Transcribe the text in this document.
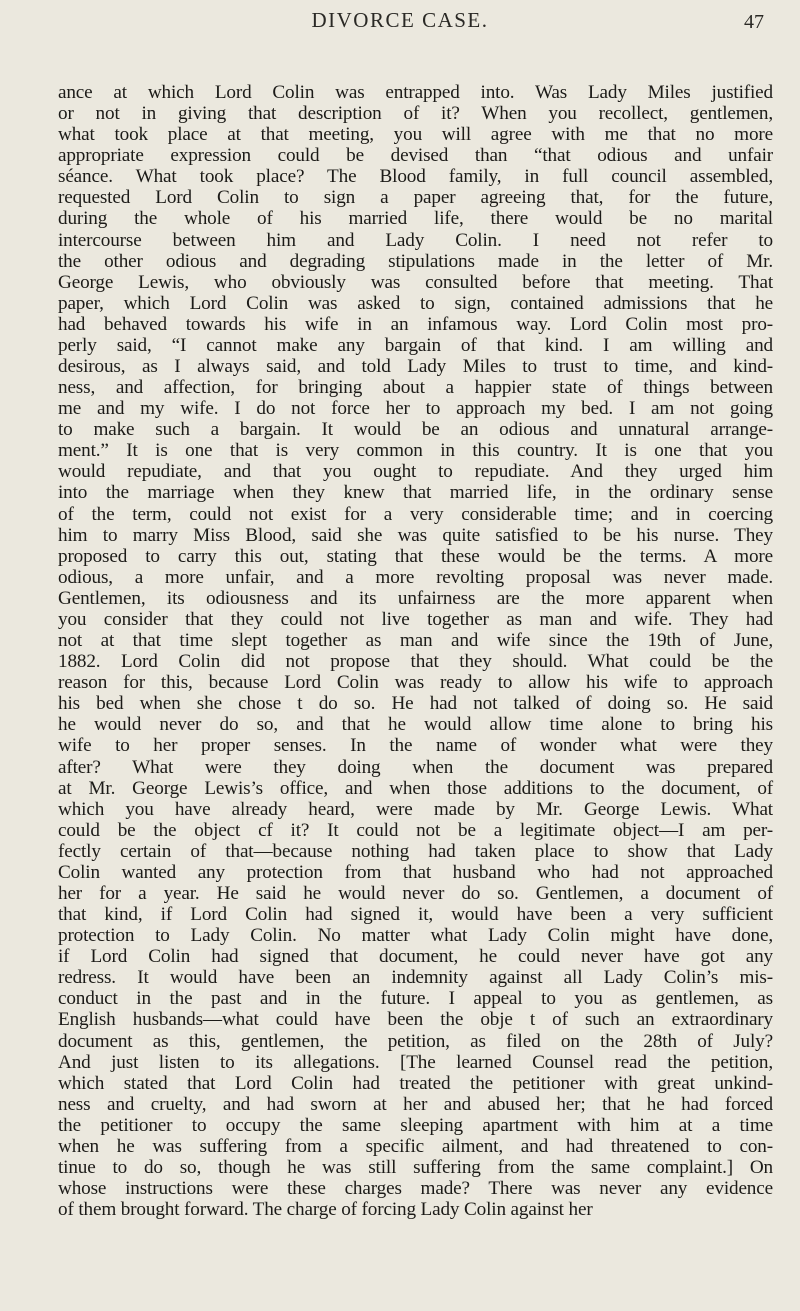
DIVORCE CASE.	47
ance at which Lord Colin was entrapped into. Was Lady Miles justified
or not in giving that description of it? When you recollect, gentlemen,
what took place at that meeting, you will agree with me that no more
appropriate expression could be devised than “that odious and unfair
séance. What took place? The Blood family, in full council assembled,
requested Lord Colin to sign a paper agreeing that, for the future,
during the whole of his married life, there would be no marital
intercourse between him and Lady Colin. I need not refer to
the other odious and degrading stipulations made in the letter of Mr.
George Lewis, who obviously was consulted before that meeting. That
paper, which Lord Colin was asked to sign, contained admissions that he
had behaved towards his wife in an infamous way. Lord Colin most pro-
perly said, “I cannot make any bargain of that kind. I am willing and
desirous, as I always said, and told Lady Miles to trust to time, and kind-
ness, and affection, for bringing about a happier state of things between
me and my wife. I do not force her to approach my bed. I am not going
to make such a bargain. It would be an odious and unnatural arrange-
ment.” It is one that is very common in this country. It is one that you
would repudiate, and that you ought to repudiate. And they urged him
into the marriage when they knew that married life, in the ordinary sense
of the term, could not exist for a very considerable time; and in coercing
him to marry Miss Blood, said she was quite satisfied to be his nurse. They
proposed to carry this out, stating that these would be the terms. A more
odious, a more unfair, and a more revolting proposal was never made.
Gentlemen, its odiousness and its unfairness are the more apparent when
you consider that they could not live together as man and wife. They had
not at that time slept together as man and wife since the 19th of June,
1882. Lord Colin did not propose that they should. What could be the
reason for this, because Lord Colin was ready to allow his wife to approach
his bed when she chose t do so. He had not talked of doing so. He said
he would never do so, and that he would allow time alone to bring his
wife to her proper senses. In the name of wonder what were they
after? What were they doing when the document was prepared
at Mr. George Lewis’s office, and when those additions to the document, of
which you have already heard, were made by Mr. George Lewis. What
could be the object cf it? It could not be a legitimate object—I am per-
fectly certain of that—because nothing had taken place to show that Lady
Colin wanted any protection from that husband who had not approached
her for a year. He said he would never do so. Gentlemen, a document of
that kind, if Lord Colin had signed it, would have been a very sufficient
protection to Lady Colin. No matter what Lady Colin might have done,
if Lord Colin had signed that document, he could never have got any
redress. It would have been an indemnity against all Lady Colin’s mis-
conduct in the past and in the future. I appeal to you as gentlemen, as
English husbands—what could have been the obje t of such an extraordinary
document as this, gentlemen, the petition, as filed on the 28th of July?
And just listen to its allegations. [The learned Counsel read the petition,
which stated that Lord Colin had treated the petitioner with great unkind-
ness and cruelty, and had sworn at her and abused her; that he had forced
the petitioner to occupy the same sleeping apartment with him at a time
when he was suffering from a specific ailment, and had threatened to con-
tinue to do so, though he was still suffering from the same complaint.] On
whose instructions were these charges made? There was never any evidence
of them brought forward. The charge of forcing Lady Colin against her
